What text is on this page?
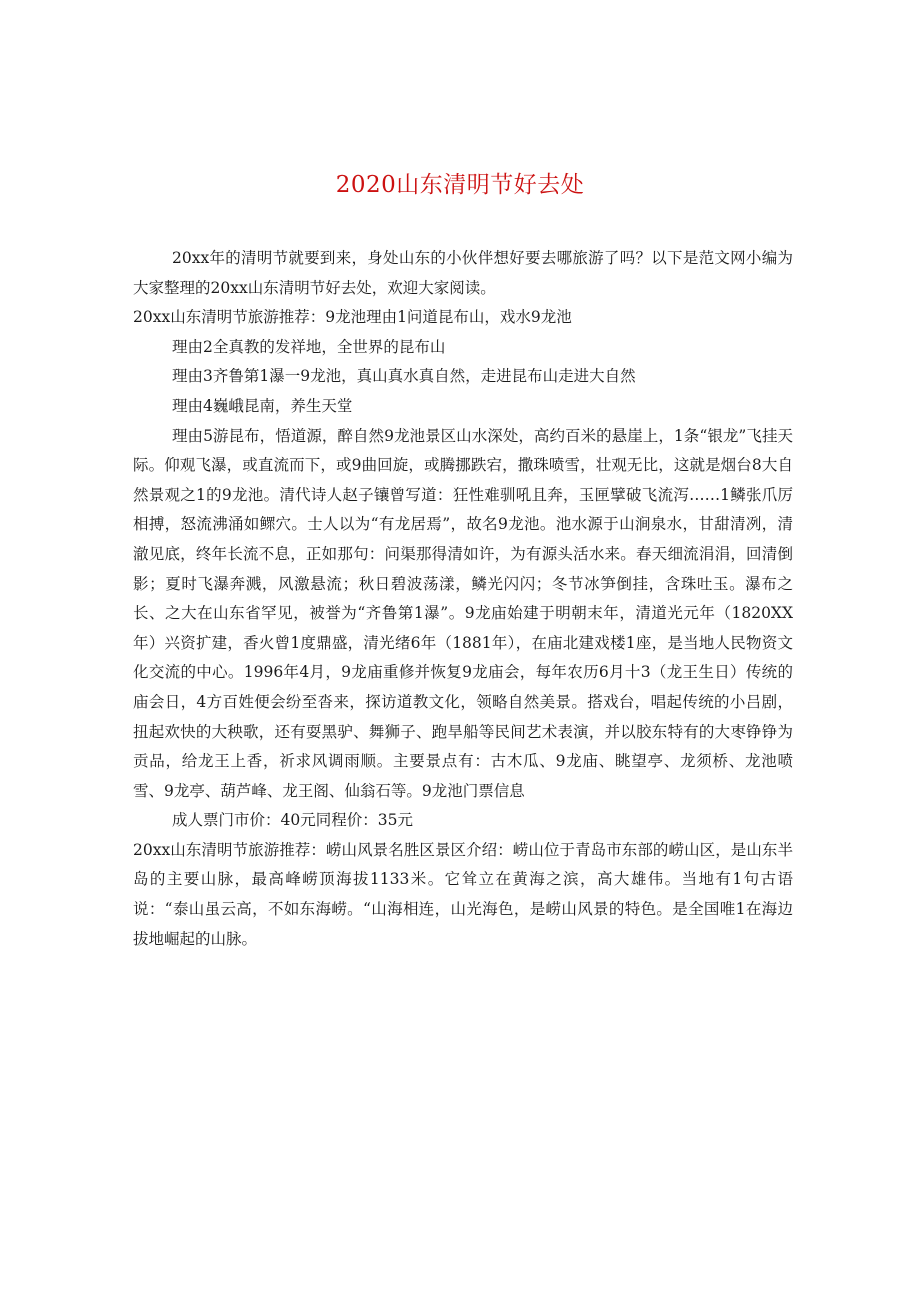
2020山东清明节好去处

20xx年的清明节就要到来，身处山东的小伙伴想好要去哪旅游了吗？以下是范文网小编为大家整理的20xx山东清明节好去处，欢迎大家阅读。

20xx山东清明节旅游推荐：9龙池理由1问道昆布山，戏水9龙池

理由2全真教的发祥地，全世界的昆布山

理由3齐鲁第1瀑一9龙池，真山真水真自然，走进昆布山走进大自然

理由4巍峨昆南，养生天堂

理由5游昆布，悟道源，醉自然9龙池景区山水深处，高约百米的悬崖上，1条“银龙”飞挂天际。仰观飞瀑，或直流而下，或9曲回旋，或腾挪跌宕，撒珠喷雪，壮观无比，这就是烟台8大自然景观之1的9龙池。清代诗人赵子镶曾写道：狂性难驯吼且奔，玉匣擘破飞流泻……1鳞张爪厉相搏，怒流沸涌如鳏穴。士人以为“有龙居焉”，故名9龙池。池水源于山涧泉水，甘甜清冽，清澈见底，终年长流不息，正如那句：问渠那得清如许，为有源头活水来。春天细流涓涓，回清倒影；夏时飞瀑奔溅，风激悬流；秋日碧波荡漾，鳞光闪闪；冬节冰笋倒挂，含珠吐玉。瀑布之长、之大在山东省罕见，被誉为“齐鲁第1瀑”。9龙庙始建于明朝末年，清道光元年（1820XX年）兴资扩建，香火曾1度鼎盛，清光绪6年（1881年），在庙北建戏楼1座，是当地人民物资文化交流的中心。1996年4月，9龙庙重修并恢复9龙庙会，每年农历6月十3（龙王生日）传统的庙会日，4方百姓便会纷至沓来，探访道教文化，领略自然美景。搭戏台，唱起传统的小吕剧，扭起欢快的大秧歌，还有耍黑驴、舞狮子、跑旱船等民间艺术表演，并以胶东特有的大枣铮铮为贡品，给龙王上香，祈求风调雨顺。主要景点有：古木瓜、9龙庙、眺望亭、龙须桥、龙池喷雪、9龙亭、葫芦峰、龙王阁、仙翁石等。9龙池门票信息

成人票门市价：40元同程价：35元

20xx山东清明节旅游推荐：崂山风景名胜区景区介绍：崂山位于青岛市东部的崂山区，是山东半岛的主要山脉，最高峰崂顶海拔1133米。它耸立在黄海之滨，高大雄伟。当地有1句古语说：“泰山虽云高，不如东海崂。“山海相连，山光海色，是崂山风景的特色。是全国唯1在海边拔地崛起的山脉。
